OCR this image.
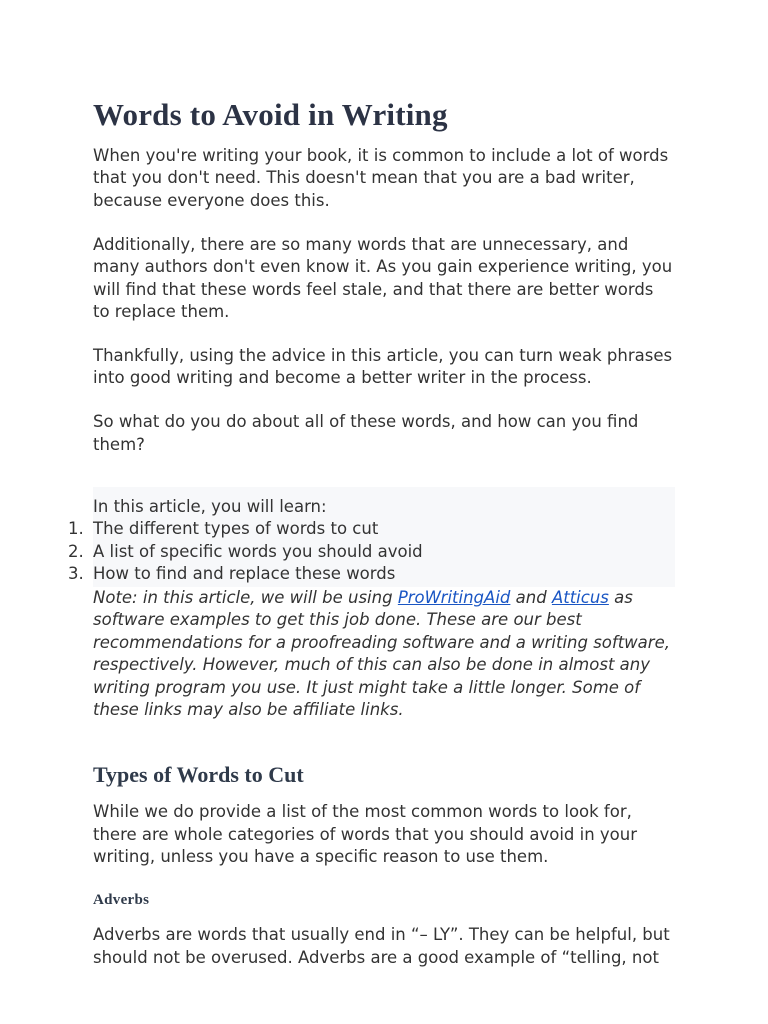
Words to Avoid in Writing

When you're writing your book, it is common to include a lot of words that you don't need. This doesn't mean that you are a bad writer, because everyone does this.

Additionally, there are so many words that are unnecessary, and many authors don't even know it. As you gain experience writing, you will find that these words feel stale, and that there are better words to replace them.

Thankfully, using the advice in this article, you can turn weak phrases into good writing and become a better writer in the process.

So what do you do about all of these words, and how can you find them?

In this article, you will learn:
1. The different types of words to cut
2. A list of specific words you should avoid
3. How to find and replace these words

Note: in this article, we will be using ProWritingAid and Atticus as software examples to get this job done. These are our best recommendations for a proofreading software and a writing software, respectively. However, much of this can also be done in almost any writing program you use. It just might take a little longer. Some of these links may also be affiliate links.

Types of Words to Cut

While we do provide a list of the most common words to look for, there are whole categories of words that you should avoid in your writing, unless you have a specific reason to use them.

Adverbs

Adverbs are words that usually end in “– LY”. They can be helpful, but should not be overused. Adverbs are a good example of “telling, not
